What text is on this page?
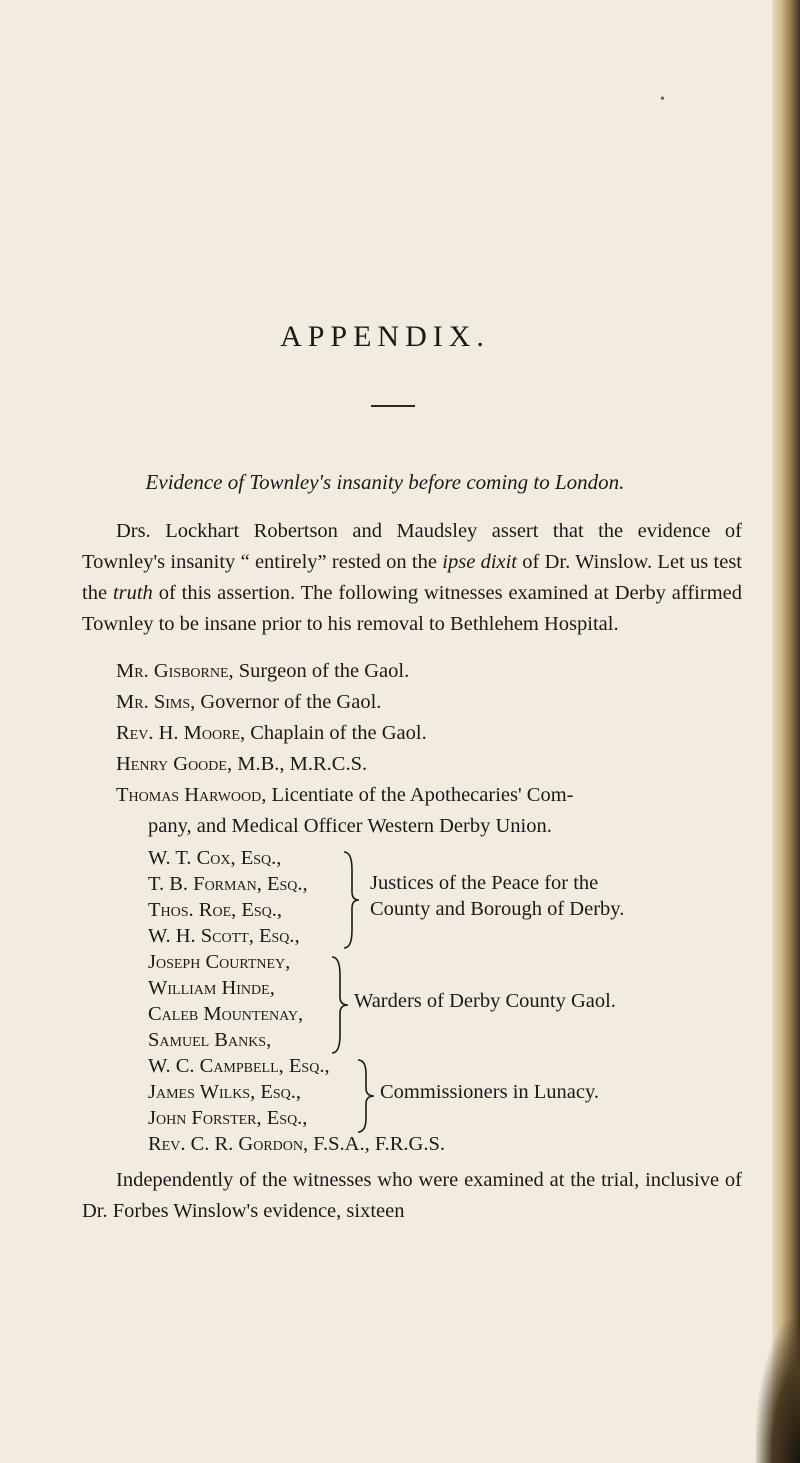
•
APPENDIX.
Evidence of Townley's insanity before coming to London.

Drs. Lockhart Robertson and Maudsley assert that the evidence of Townley's insanity “ entirely” rested on the ipse dixit of Dr. Winslow. Let us test the truth of this assertion. The following witnesses examined at Derby affirmed Townley to be insane prior to his removal to Bethlehem Hospital.

Mr. Gisborne, Surgeon of the Gaol.
Mr. Sims, Governor of the Gaol.
Rev. H. Moore, Chaplain of the Gaol.
Henry Goode, M.B., M.R.C.S.
Thomas Harwood, Licentiate of the Apothecaries' Com-
pany, and Medical Officer Western Derby Union.
W. T. Cox, Esq.,
T. B. Forman, Esq.,
Thos. Roe, Esq.,
W. H. Scott, Esq.,
Justices of the Peace for the
County and Borough of Derby.
Joseph Courtney,
William Hinde,
Caleb Mountenay,
Samuel Banks,
Warders of Derby County Gaol.
W. C. Campbell, Esq.,
James Wilks, Esq.,
John Forster, Esq.,
Commissioners in Lunacy.
Rev. C. R. Gordon, F.S.A., F.R.G.S.

Independently of the witnesses who were examined at the trial, inclusive of Dr. Forbes Winslow's evidence, sixteen
